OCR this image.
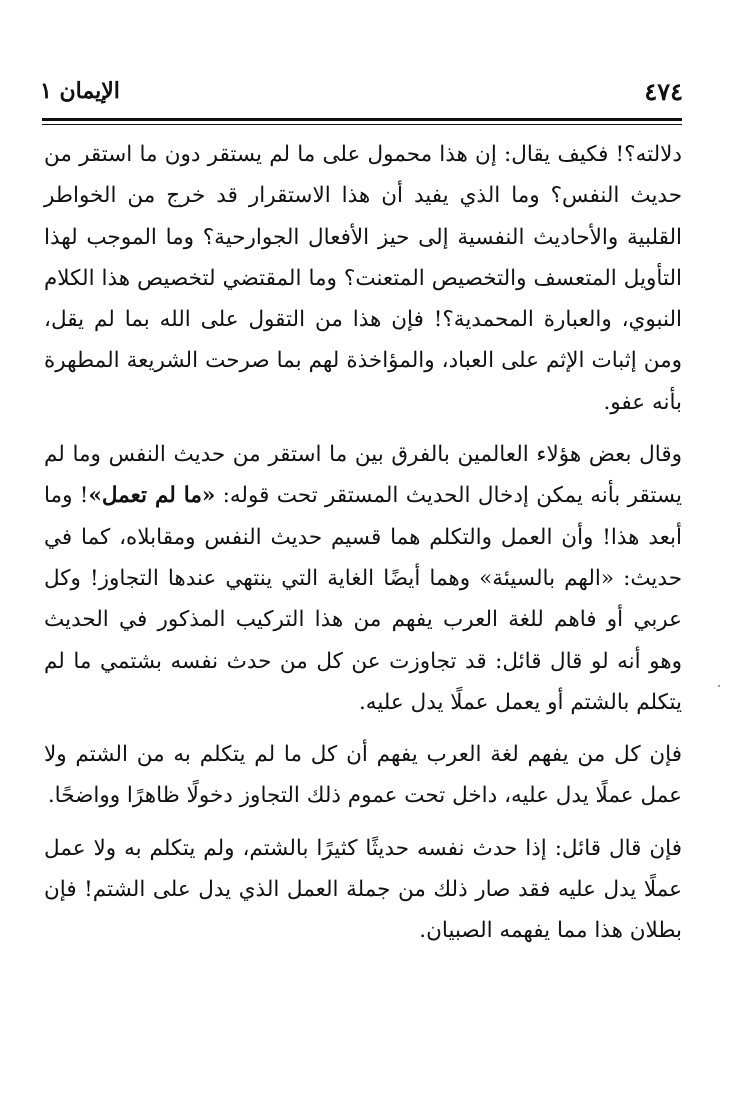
٤٧٤
الإيمان ١

دلالته؟! فكيف يقال: إن هذا محمول على ما لم يستقر دون ما استقر من حديث النفس؟ وما الذي يفيد أن هذا الاستقرار قد خرج من الخواطر القلبية والأحاديث النفسية إلى حيز الأفعال الجوارحية؟ وما الموجب لهذا التأويل المتعسف والتخصيص المتعنت؟ وما المقتضي لتخصيص هذا الكلام النبوي، والعبارة المحمدية؟! فإن هذا من التقول على الله بما لم يقل، ومن إثبات الإثم على العباد، والمؤاخذة لهم بما صرحت الشريعة المطهرة بأنه عفو.

وقال بعض هؤلاء العالمين بالفرق بين ما استقر من حديث النفس وما لم يستقر بأنه يمكن إدخال الحديث المستقر تحت قوله: «ما لم تعمل»! وما أبعد هذا! وأن العمل والتكلم هما قسيم حديث النفس ومقابلاه، كما في حديث: «الهم بالسيئة» وهما أيضًا الغاية التي ينتهي عندها التجاوز! وكل عربي أو فاهم للغة العرب يفهم من هذا التركيب المذكور في الحديث وهو أنه لو قال قائل: قد تجاوزت عن كل من حدث نفسه بشتمي ما لم يتكلم بالشتم أو يعمل عملًا يدل عليه.

فإن كل من يفهم لغة العرب يفهم أن كل ما لم يتكلم به من الشتم ولا عمل عملًا يدل عليه، داخل تحت عموم ذلك التجاوز دخولًا ظاهرًا وواضحًا.

فإن قال قائل: إذا حدث نفسه حديثًا كثيرًا بالشتم، ولم يتكلم به ولا عمل عملًا يدل عليه فقد صار ذلك من جملة العمل الذي يدل على الشتم! فإن بطلان هذا مما يفهمه الصبيان.
